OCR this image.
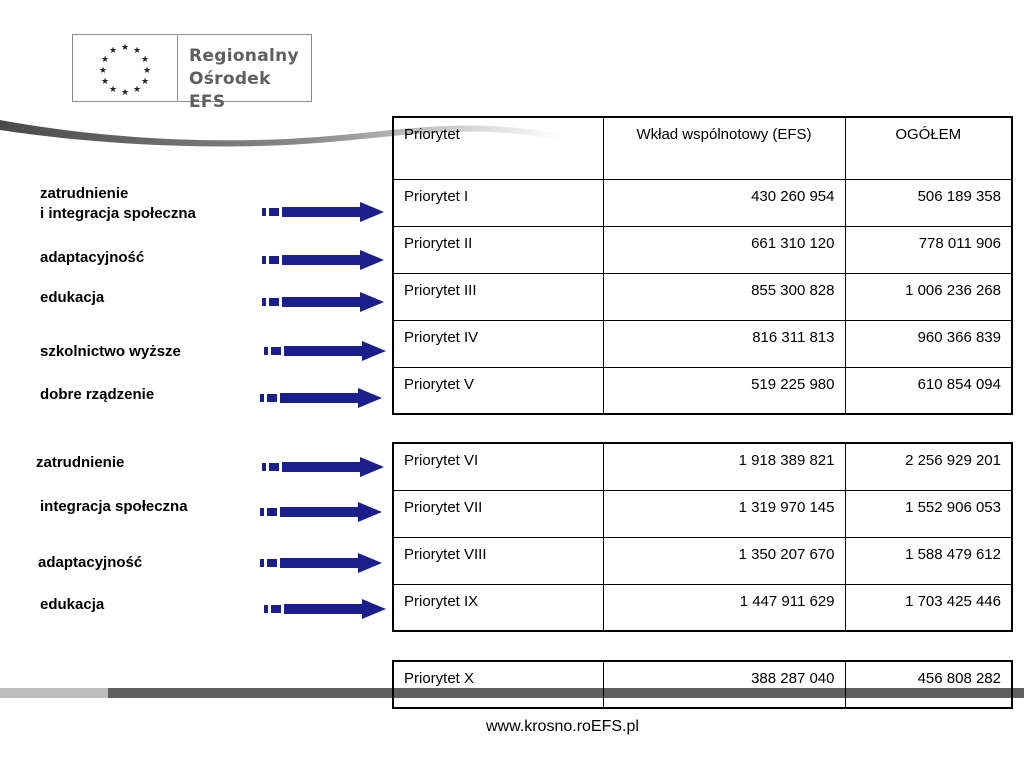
★ ★
★
★
★
★
★
★
★
★
★
★	Regionalny
Ośrodek EFS
zatrudnienie
i integracja społeczna
adaptacyjność
edukacja
szkolnictwo wyższe
dobre rządzenie
zatrudnienie
integracja społeczna
adaptacyjność
edukacja
Priorytet	Wkład wspólnotowy (EFS)	OGÓŁEM
Priorytet I	430 260 954	506 189 358
Priorytet II	661 310 120	778 011 906
Priorytet III	855 300 828	1 006 236 268
Priorytet IV	816 311 813	960 366 839
Priorytet V	519 225 980	610 854 094
Priorytet VI	1 918 389 821	2 256 929 201
Priorytet VII	1 319 970 145	1 552 906 053
Priorytet VIII	1 350 207 670	1 588 479 612
Priorytet IX	1 447 911 629	1 703 425 446
Priorytet X	388 287 040	456 808 282
www.krosno.roEFS.pl
